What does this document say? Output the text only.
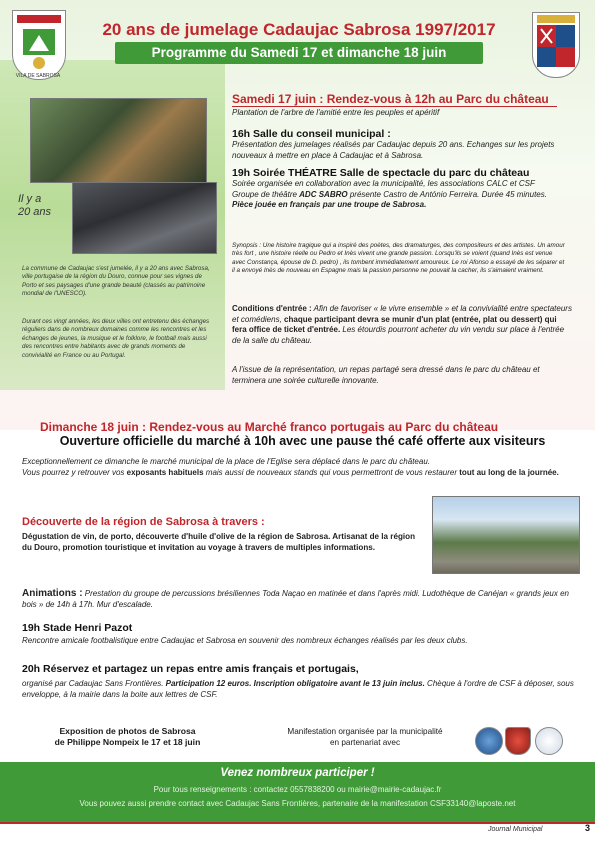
VILA DE SABROSA
20 ans de jumelage Cadaujac Sabrosa 1997/2017
Programme du Samedi 17 et dimanche 18 juin
Il y a
20 ans
La commune de Cadaujac s'est jumelée, il y a 20 ans avec Sabrosa, ville portugaise de la région du Douro, connue pour ses vignes de Porto et ses paysages d'une grande beauté (classés au patrimoine mondial de l'UNESCO).
Durant ces vingt années, les deux villes ont entretenu des échanges réguliers dans de nombreux domaines comme les rencontres et les échanges de jeunes, la musique et le folklore, le football mais aussi des rencontres entre habitants avec de grands moments de convivialité en France ou au Portugal.
Samedi 17 juin : Rendez-vous à 12h au Parc du château
Plantation de l'arbre de l'amitié entre les peuples et apéritif
16h Salle du conseil municipal :
Présentation des jumelages réalisés par Cadaujac depuis 20 ans. Echanges sur les projets nouveaux à mettre en place à Cadaujac et à Sabrosa.
19h Soirée THÉATRE Salle de spectacle du parc du château
Soirée organisée en collaboration avec la municipalité, les associations CALC et CSF
Groupe de théâtre ADC SABRO présente Castro de António Ferreira. Durée 45 minutes.
Pièce jouée en français par une troupe de Sabrosa.
Synopsis : Une histoire tragique qui a inspiré des poètes, des dramaturges, des compositeurs et des artistes. Un amour très fort , une histoire réelle ou Pedro et Inès vivent une grande passion. Lorsqu'ils se voient (quand Inès est venue avec Constança, épouse de D. pedro) , ils tombent immédiatement amoureux. Le roi Afonso a essayé de les séparer et il a envoyé Inès de nouveau en Espagne mais la passion personne ne pouvait la cacher, ils s'aimaient vraiment.
Conditions d'entrée : Afin de favoriser « le vivre ensemble » et la convivialité entre spectateurs et comédiens, chaque participant devra se munir d'un plat (entrée, plat ou dessert) qui fera office de ticket d'entrée. Les étourdis pourront acheter du vin vendu sur place à l'entrée de la salle du château.
A l'issue de la représentation, un repas partagé sera dressé dans le parc du château et terminera une soirée culturelle innovante.
Dimanche 18 juin : Rendez-vous au Marché franco portugais au Parc du château
Ouverture officielle du marché à 10h avec une pause thé café offerte aux visiteurs
Exceptionnellement ce dimanche le marché municipal de la place de l'Eglise sera déplacé dans le parc du château.
Vous pourrez y retrouver vos exposants habituels mais aussi de nouveaux stands qui vous permettront de vous restaurer tout au long de la journée.
Découverte de la région de Sabrosa à travers :
Dégustation de vin, de porto, découverte d'huile d'olive de la région de Sabrosa. Artisanat de la région du Douro, promotion touristique et invitation au voyage à travers de multiples informations.
Animations : Prestation du groupe de percussions brésiliennes Toda Naçao en matinée et dans l'après midi. Ludothèque de Canéjan « grands jeux en bois » de 14h à 17h. Mur d'escalade.
19h Stade Henri Pazot
Rencontre amicale footbalistique entre Cadaujac et Sabrosa en souvenir des nombreux échanges réalisés par les deux clubs.
20h Réservez et partagez un repas entre amis français et portugais,
organisé par Cadaujac Sans Frontières. Participation 12 euros. Inscription obligatoire avant le 13 juin inclus. Chèque à l'ordre de CSF à déposer, sous enveloppe, à la mairie dans la boite aux lettres de CSF.
Exposition de photos de Sabrosa
de Philippe Nompeix le 17 et 18 juin
Manifestation organisée par la municipalité
en partenariat avec
Venez nombreux participer !
Pour tous renseignements : contactez 0557838200 ou mairie@mairie-cadaujac.fr
Vous pouvez aussi prendre contact avec Cadaujac Sans Frontières, partenaire de la manifestation CSF33140@laposte.net
Journal Municipal	3
